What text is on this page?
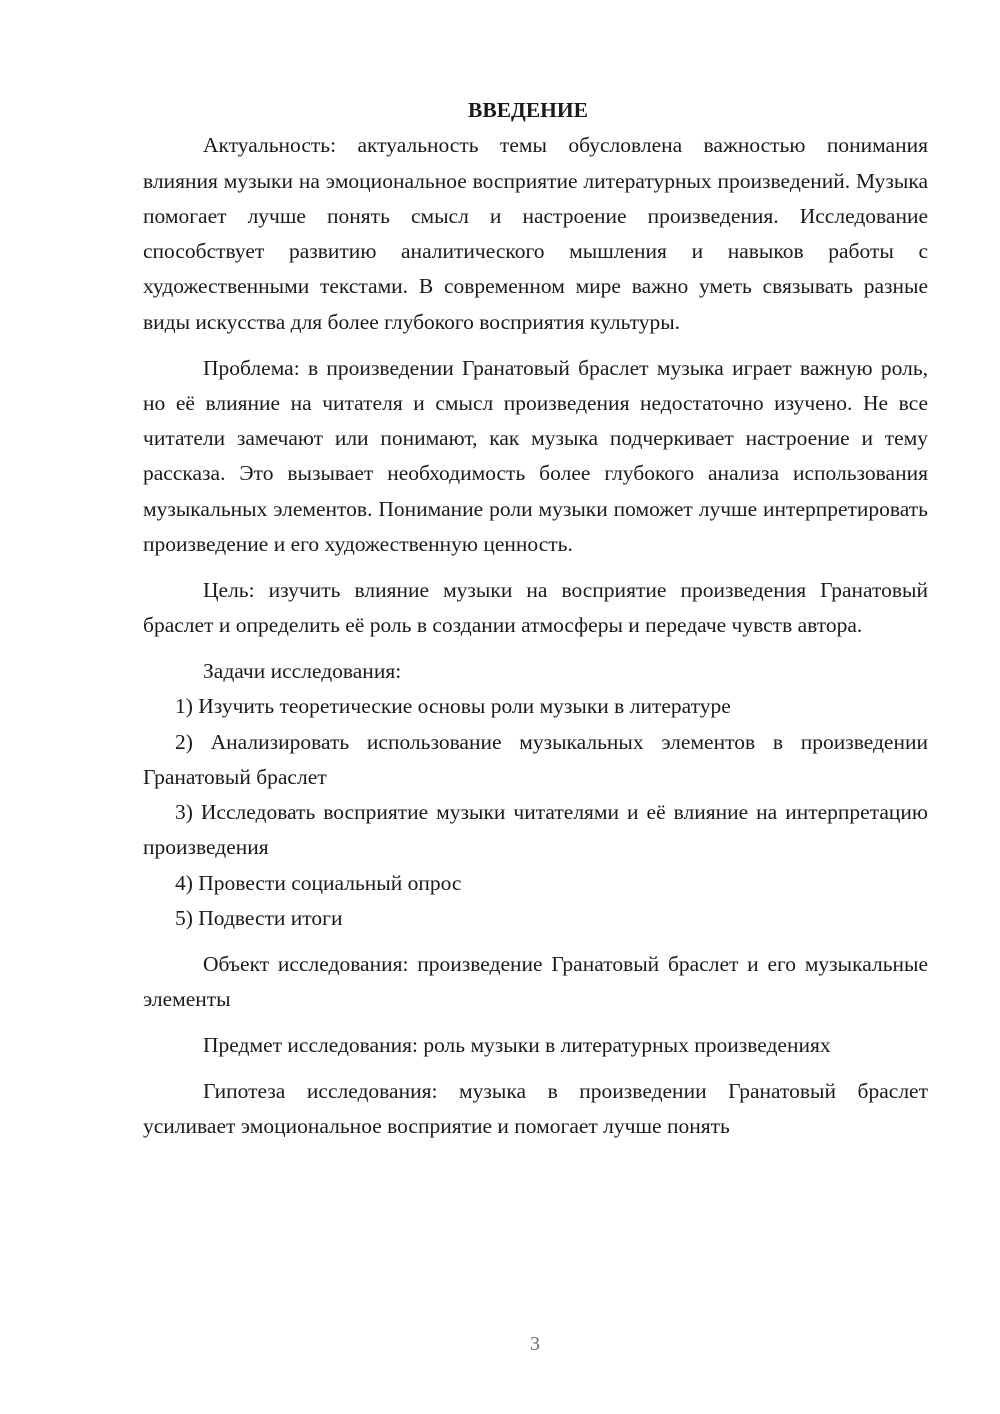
ВВЕДЕНИЕ

Актуальность: актуальность темы обусловлена важностью понимания влияния музыки на эмоциональное восприятие литературных произведений. Музыка помогает лучше понять смысл и настроение произведения. Исследование способствует развитию аналитического мышления и навыков работы с художественными текстами. В современном мире важно уметь связывать разные виды искусства для более глубокого восприятия культуры.

Проблема: в произведении Гранатовый браслет музыка играет важную роль, но её влияние на читателя и смысл произведения недостаточно изучено. Не все читатели замечают или понимают, как музыка подчеркивает настроение и тему рассказа. Это вызывает необходимость более глубокого анализа использования музыкальных элементов. Понимание роли музыки поможет лучше интерпретировать произведение и его художественную ценность.

Цель: изучить влияние музыки на восприятие произведения Гранатовый браслет и определить её роль в создании атмосферы и передаче чувств автора.

Задачи исследования:

1) Изучить теоретические основы роли музыки в литературе

2) Анализировать использование музыкальных элементов в произведении Гранатовый браслет

3) Исследовать восприятие музыки читателями и её влияние на интерпретацию произведения

4) Провести социальный опрос

5) Подвести итоги

Объект исследования: произведение Гранатовый браслет и его музыкальные элементы

Предмет исследования: роль музыки в литературных произведениях

Гипотеза исследования: музыка в произведении Гранатовый браслет усиливает эмоциональное восприятие и помогает лучше понять

3
